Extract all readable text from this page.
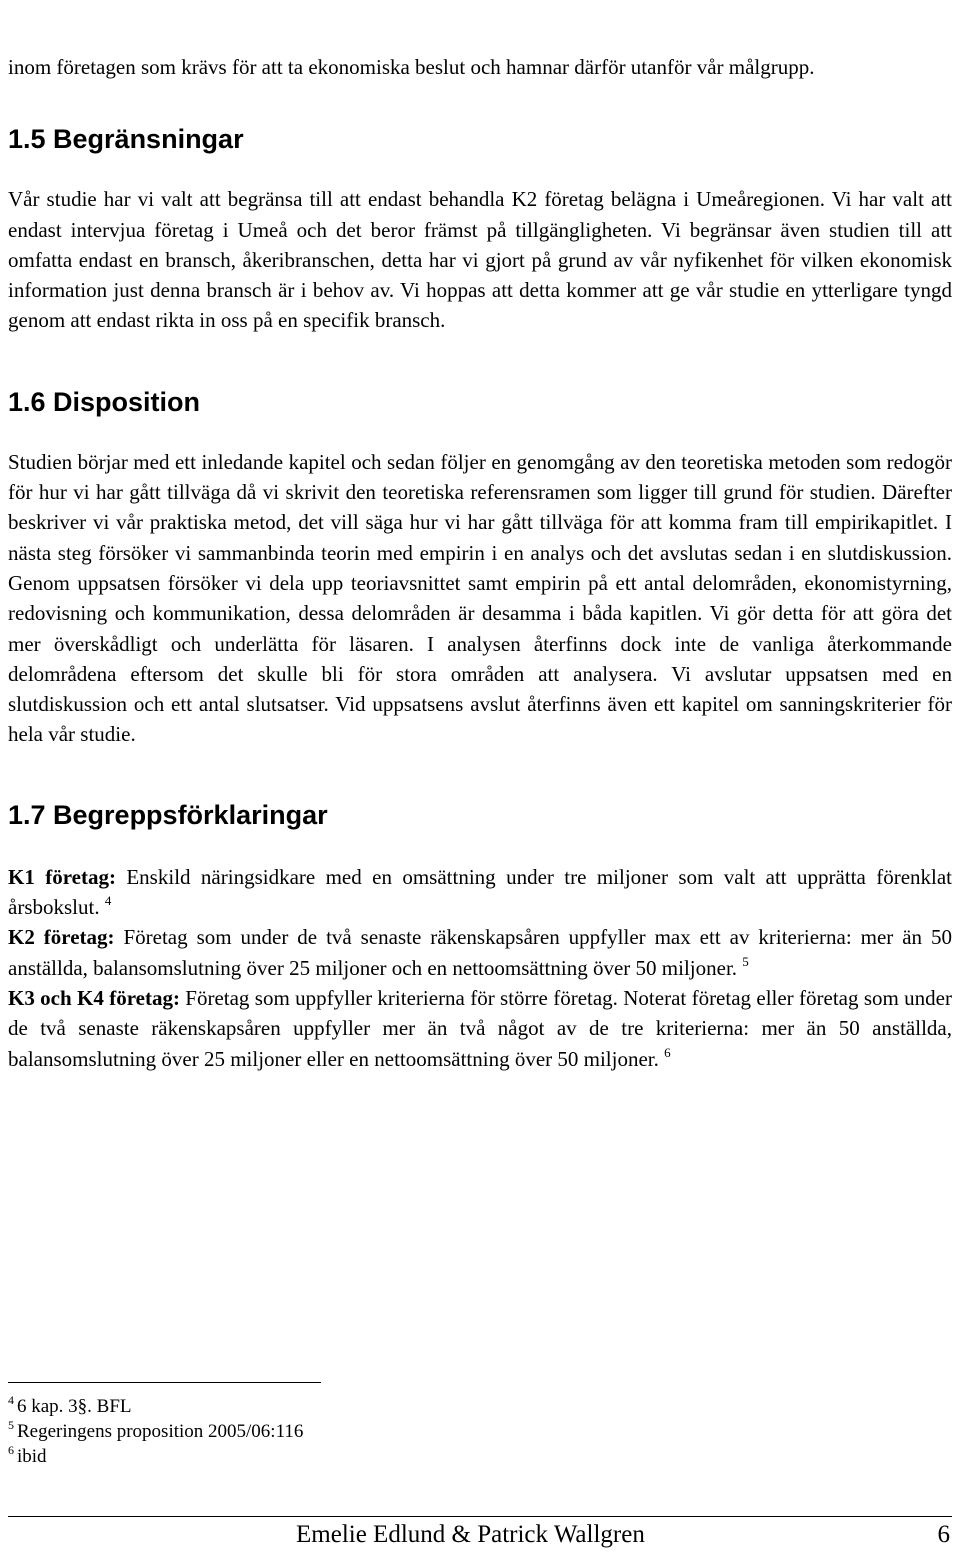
inom företagen som krävs för att ta ekonomiska beslut och hamnar därför utanför vår målgrupp.

1.5 Begränsningar

Vår studie har vi valt att begränsa till att endast behandla K2 företag belägna i Umeåregionen. Vi har valt att endast intervjua företag i Umeå och det beror främst på tillgängligheten. Vi begränsar även studien till att omfatta endast en bransch, åkeribranschen, detta har vi gjort på grund av vår nyfikenhet för vilken ekonomisk information just denna bransch är i behov av. Vi hoppas att detta kommer att ge vår studie en ytterligare tyngd genom att endast rikta in oss på en specifik bransch.

1.6 Disposition

Studien börjar med ett inledande kapitel och sedan följer en genomgång av den teoretiska metoden som redogör för hur vi har gått tillväga då vi skrivit den teoretiska referensramen som ligger till grund för studien. Därefter beskriver vi vår praktiska metod, det vill säga hur vi har gått tillväga för att komma fram till empirikapitlet. I nästa steg försöker vi sammanbinda teorin med empirin i en analys och det avslutas sedan i en slutdiskussion. Genom uppsatsen försöker vi dela upp teoriavsnittet samt empirin på ett antal delområden, ekonomistyrning, redovisning och kommunikation, dessa delområden är desamma i båda kapitlen. Vi gör detta för att göra det mer överskådligt och underlätta för läsaren. I analysen återfinns dock inte de vanliga återkommande delområdena eftersom det skulle bli för stora områden att analysera. Vi avslutar uppsatsen med en slutdiskussion och ett antal slutsatser. Vid uppsatsens avslut återfinns även ett kapitel om sanningskriterier för hela vår studie.

1.7 Begreppsförklaringar

K1 företag: Enskild näringsidkare med en omsättning under tre miljoner som valt att upprätta förenklat årsbokslut. $^4$

K2 företag: Företag som under de två senaste räkenskapsåren uppfyller max ett av kriterierna: mer än 50 anställda, balansomslutning över 25 miljoner och en nettoomsättning över 50 miljoner. $^5$

K3 och K4 företag: Företag som uppfyller kriterierna för större företag. Noterat företag eller företag som under de två senaste räkenskapsåren uppfyller mer än två något av de tre kriterierna: mer än 50 anställda, balansomslutning över 25 miljoner eller en nettoomsättning över 50 miljoner. $^6$

$^4$ 6 kap. 3§. BFL
$^5$ Regeringens proposition 2005/06:116
$^6$ ibid
Emelie Edlund & Patrick Wallgren	6
